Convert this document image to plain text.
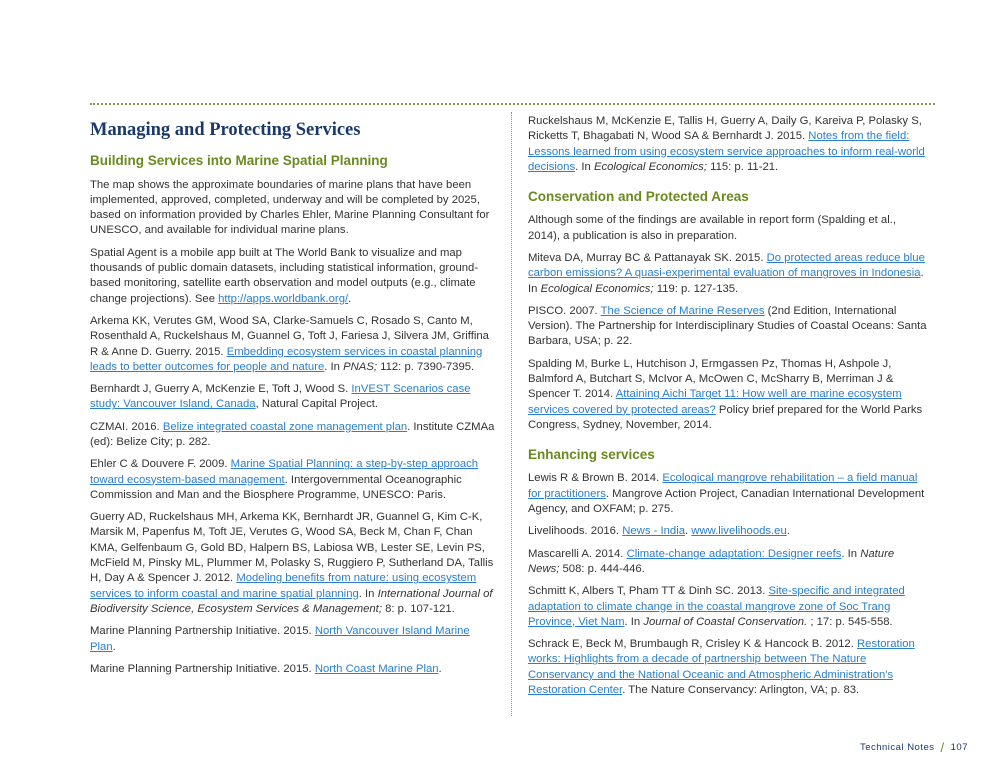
Managing and Protecting Services
Building Services into Marine Spatial Planning

The map shows the approximate boundaries of marine plans that have been implemented, approved, completed, underway and will be completed by 2025, based on information provided by Charles Ehler, Marine Planning Consultant for UNESCO, and available for individual marine plans.

Spatial Agent is a mobile app built at The World Bank to visualize and map thousands of public domain datasets, including statistical information, ground-based monitoring, satellite earth observation and model outputs (e.g., climate change projections). See http://apps.worldbank.org/.

Arkema KK, Verutes GM, Wood SA, Clarke-Samuels C, Rosado S, Canto M, Rosenthald A, Ruckelshaus M, Guannel G, Toft J, Fariesa J, Silvera JM, Griffina R & Anne D. Guerry. 2015. Embedding ecosystem services in coastal planning leads to better outcomes for people and nature. In PNAS; 112: p. 7390-7395.

Bernhardt J, Guerry A, McKenzie E, Toft J, Wood S. InVEST Scenarios case study: Vancouver Island, Canada, Natural Capital Project.

CZMAI. 2016. Belize integrated coastal zone management plan. Institute CZMAa (ed): Belize City; p. 282.

Ehler C & Douvere F. 2009. Marine Spatial Planning: a step-by-step approach toward ecosystem-based management. Intergovernmental Oceanographic Commission and Man and the Biosphere Programme, UNESCO: Paris.

Guerry AD, Ruckelshaus MH, Arkema KK, Bernhardt JR, Guannel G, Kim C-K, Marsik M, Papenfus M, Toft JE, Verutes G, Wood SA, Beck M, Chan F, Chan KMA, Gelfenbaum G, Gold BD, Halpern BS, Labiosa WB, Lester SE, Levin PS, McField M, Pinsky ML, Plummer M, Polasky S, Ruggiero P, Sutherland DA, Tallis H, Day A & Spencer J. 2012. Modeling benefits from nature: using ecosystem services to inform coastal and marine spatial planning. In International Journal of Biodiversity Science, Ecosystem Services & Management; 8: p. 107-121.

Marine Planning Partnership Initiative. 2015. North Vancouver Island Marine Plan.

Marine Planning Partnership Initiative. 2015. North Coast Marine Plan.

Ruckelshaus M, McKenzie E, Tallis H, Guerry A, Daily G, Kareiva P, Polasky S, Ricketts T, Bhagabati N, Wood SA & Bernhardt J. 2015. Notes from the field: Lessons learned from using ecosystem service approaches to inform real-world decisions. In Ecological Economics; 115: p. 11-21.

Conservation and Protected Areas

Although some of the findings are available in report form (Spalding et al., 2014), a publication is also in preparation.

Miteva DA, Murray BC & Pattanayak SK. 2015. Do protected areas reduce blue carbon emissions? A quasi-experimental evaluation of mangroves in Indonesia. In Ecological Economics; 119: p. 127-135.

PISCO. 2007. The Science of Marine Reserves (2nd Edition, International Version). The Partnership for Interdisciplinary Studies of Coastal Oceans: Santa Barbara, USA; p. 22.

Spalding M, Burke L, Hutchison J, Ermgassen Pz, Thomas H, Ashpole J, Balmford A, Butchart S, McIvor A, McOwen C, McSharry B, Merriman J & Spencer T. 2014. Attaining Aichi Target 11: How well are marine ecosystem services covered by protected areas? Policy brief prepared for the World Parks Congress, Sydney, November, 2014.

Enhancing services

Lewis R & Brown B. 2014. Ecological mangrove rehabilitation – a field manual for practitioners. Mangrove Action Project, Canadian International Development Agency, and OXFAM; p. 275.

Livelihoods. 2016. News - India. www.livelihoods.eu.

Mascarelli A. 2014. Climate-change adaptation: Designer reefs. In Nature News; 508: p. 444-446.

Schmitt K, Albers T, Pham TT & Dinh SC. 2013. Site-specific and integrated adaptation to climate change in the coastal mangrove zone of Soc Trang Province, Viet Nam. In Journal of Coastal Conservation. ; 17: p. 545-558.

Schrack E, Beck M, Brumbaugh R, Crisley K & Hancock B. 2012. Restoration works: Highlights from a decade of partnership between The Nature Conservancy and the National Oceanic and Atmospheric Administration's Restoration Center. The Nature Conservancy: Arlington, VA; p. 83.

Technical Notes / 107
